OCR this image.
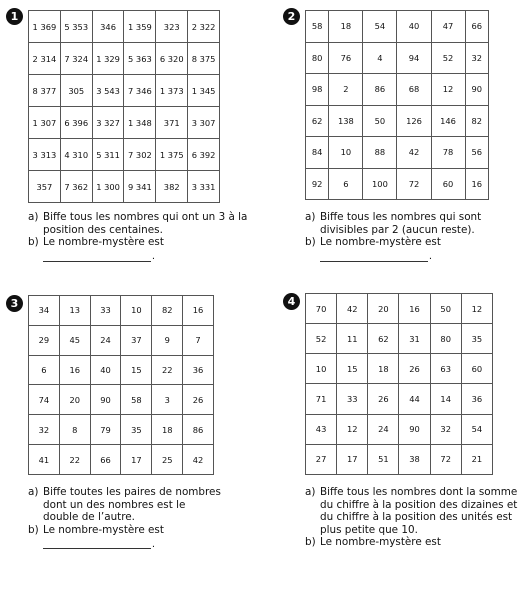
1
1 369	5 353	346	1 359	323	2 322
2 314	7 324	1 329	5 363	6 320	8 375
8 377	305	3 543	7 346	1 373	1 345
1 307	6 396	3 327	1 348	371	3 307
3 313	4 310	5 311	7 302	1 375	6 392
357	7 362	1 300	9 341	382	3 331
a) Biffe tous les nombres qui ont un 3 à la position des centaines.
b) Le nombre-mystère est
.
2
58	18	54	40	47	66
80	76	4	94	52	32
98	2	86	68	12	90
62	138	50	126	146	82
84	10	88	42	78	56
92	6	100	72	60	16
a) Biffe tous les nombres qui sont divisibles par 2 (aucun reste).
b) Le nombre-mystère est
.
3
34	13	33	10	82	16
29	45	24	37	9	7
6	16	40	15	22	36
74	20	90	58	3	26
32	8	79	35	18	86
41	22	66	17	25	42
a) Biffe toutes les paires de nombres dont un des nombres est le double de l’autre.
b) Le nombre-mystère est
.
4
70	42	20	16	50	12
52	11	62	31	80	35
10	15	18	26	63	60
71	33	26	44	14	36
43	12	24	90	32	54
27	17	51	38	72	21
a) Biffe tous les nombres dont la somme du chiffre à la position des dizaines et du chiffre à la position des unités est plus petite que 10.
b) Le nombre-mystère est
